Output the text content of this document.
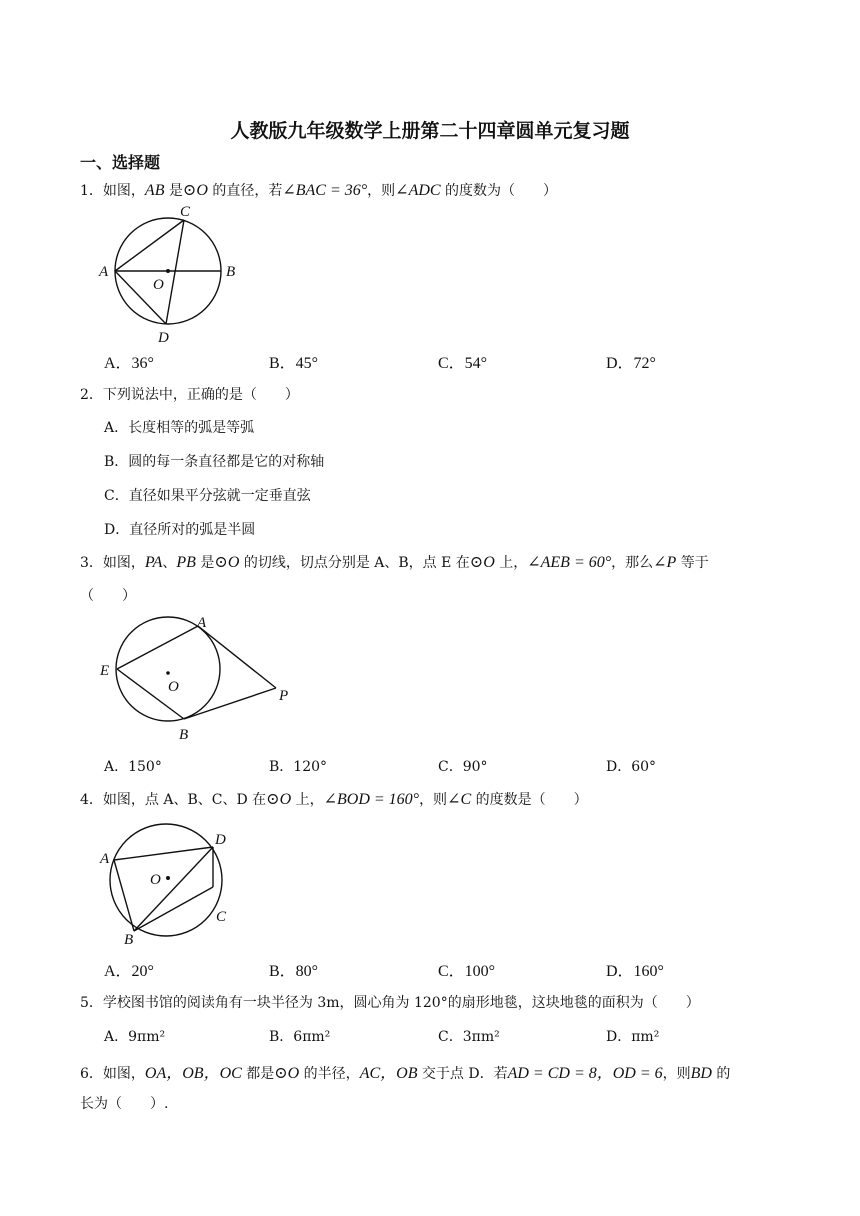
人教版九年级数学上册第二十四章圆单元复习题
一、选择题
1．如图，AB 是⊙O 的直径，若∠BAC = 36°，则∠ADC 的度数为（　　）
A	B
C
D
O
A．36°	B．45°	C．54°	D．72°
2．下列说法中，正确的是（　　）
A．长度相等的弧是等弧
B．圆的每一条直径都是它的对称轴
C．直径如果平分弦就一定垂直弦
D．直径所对的弧是半圆
3．如图，PA、PB 是⊙O 的切线，切点分别是 A、B，点 E 在⊙O 上，∠AEB = 60°，那么∠P 等于
（　　）
A
B
E
O
P
A．150°	B．120°	C．90°	D．60°
4．如图，点 A、B、C、D 在⊙O 上，∠BOD = 160°，则∠C 的度数是（　　）
A
B
C
D
O
A．20°	B．80°	C．100°	D．160°
5．学校图书馆的阅读角有一块半径为 3m，圆心角为 120°的扇形地毯，这块地毯的面积为（　　）
A．9πm²	B．6πm²	C．3πm²	D．πm²
6．如图，OA，OB，OC 都是⊙O 的半径，AC，OB 交于点 D．若AD = CD = 8，OD = 6，则BD 的
长为（　　）.
